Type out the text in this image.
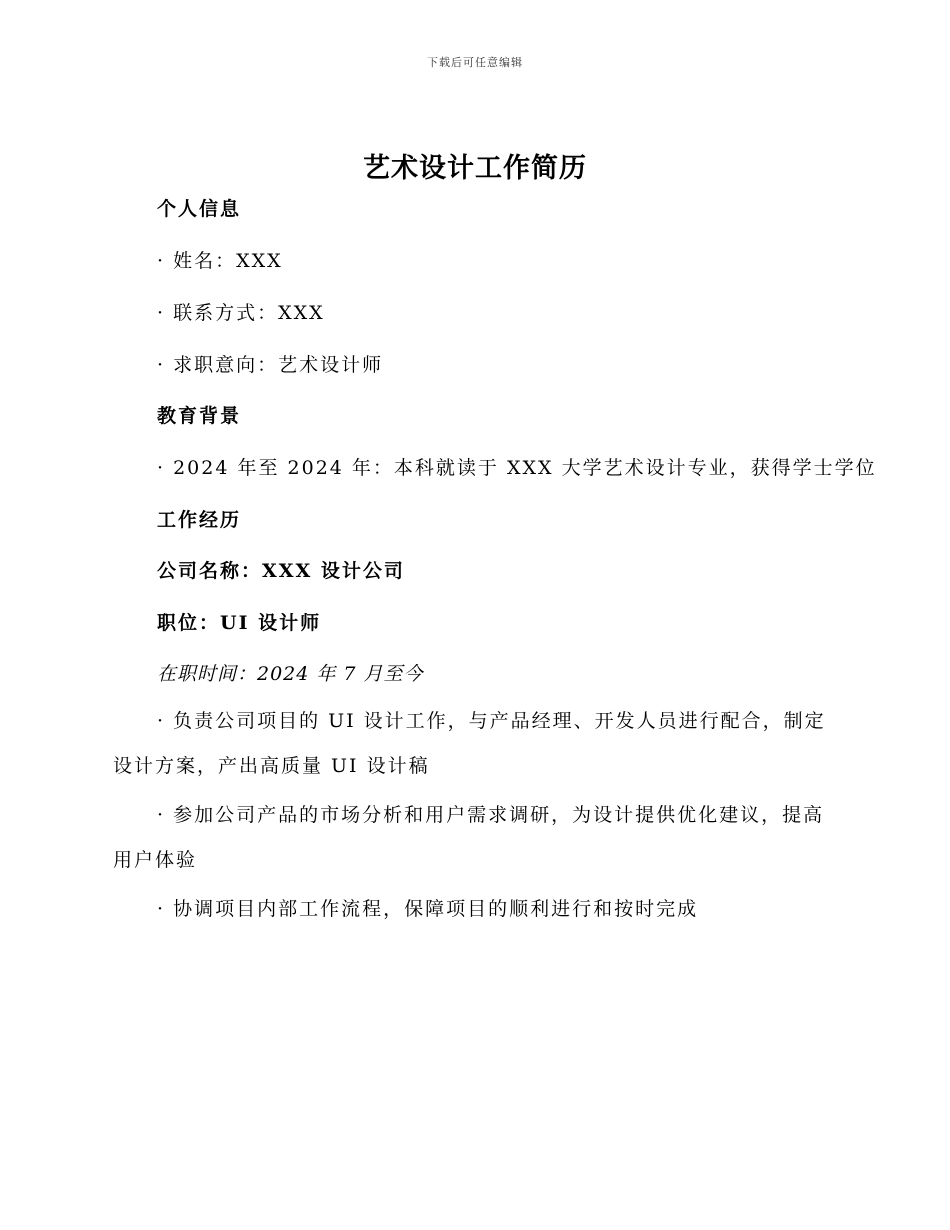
下载后可任意编辑
艺术设计工作简历
个人信息
· 姓名：XXX
· 联系方式：XXX
· 求职意向：艺术设计师
教育背景
· 2024 年至 2024 年：本科就读于 XXX 大学艺术设计专业，获得学士学位
工作经历
公司名称：XXX 设计公司
职位：UI 设计师
在职时间：2024 年 7 月至今
· 负责公司项目的 UI 设计工作，与产品经理、开发人员进行配合，制定设计方案，产出高质量 UI 设计稿
· 参加公司产品的市场分析和用户需求调研，为设计提供优化建议，提高用户体验
· 协调项目内部工作流程，保障项目的顺利进行和按时完成
